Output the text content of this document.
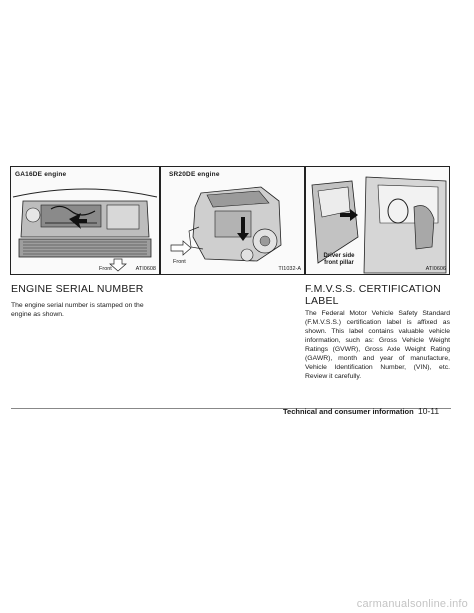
GA16DE engine
Front	ATI0608
SR20DE engine
Front
TI1032-A
Driver side
front pillar
ATI0606
ENGINE SERIAL NUMBER

The engine serial number is stamped on the engine as shown.

F.M.V.S.S. CERTIFICATION LABEL

The Federal Motor Vehicle Safety Standard (F.M.V.S.S.) certification label is affixed as shown. This label contains valuable vehicle information, such as: Gross Vehicle Weight Ratings (GVWR), Gross Axle Weight Rating (GAWR), month and year of manufacture, Vehicle Identification Number, (VIN), etc. Review it carefully.

Technical and consumer information 10-11
carmanualsonline.info
